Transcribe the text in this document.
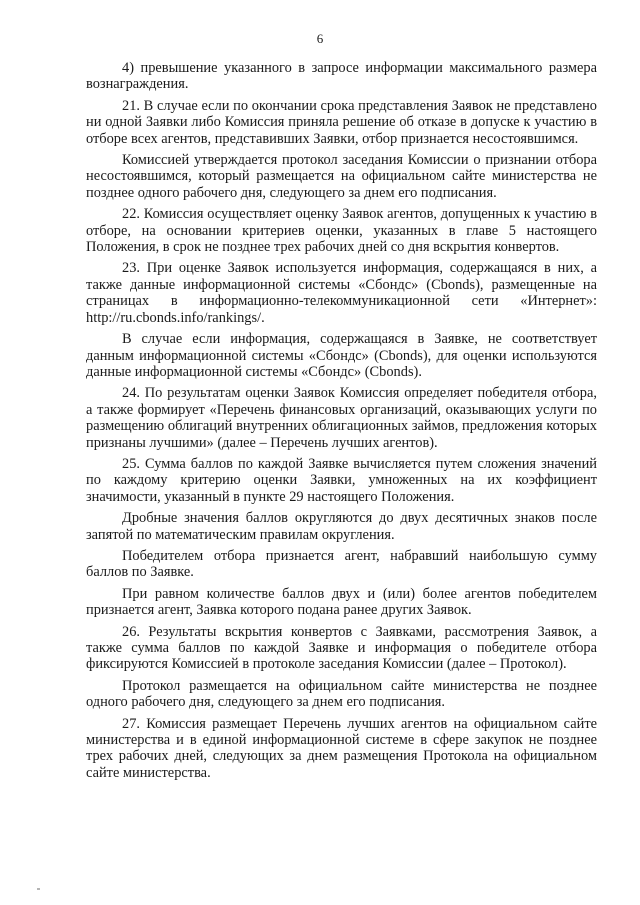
6

4) превышение указанного в запросе информации максимального размера вознаграждения.

21. В случае если по окончании срока представления Заявок не представлено ни одной Заявки либо Комиссия приняла решение об отказе в допуске к участию в отборе всех агентов, представивших Заявки, отбор признается несостоявшимся.

Комиссией утверждается протокол заседания Комиссии о признании отбора несостоявшимся, который размещается на официальном сайте министерства не позднее одного рабочего дня, следующего за днем его подписания.

22. Комиссия осуществляет оценку Заявок агентов, допущенных к участию в отборе, на основании критериев оценки, указанных в главе 5 настоящего Положения, в срок не позднее трех рабочих дней со дня вскрытия конвертов.

23. При оценке Заявок используется информация, содержащаяся в них, а также данные информационной системы «Сбондс» (Cbonds), размещенные на страницах в информационно-телекоммуникационной сети «Интернет»: http://ru.cbonds.info/rankings/.

В случае если информация, содержащаяся в Заявке, не соответствует данным информационной системы «Сбондс» (Cbonds), для оценки используются данные информационной системы «Сбондс» (Cbonds).

24. По результатам оценки Заявок Комиссия определяет победителя отбора, а также формирует «Перечень финансовых организаций, оказывающих услуги по размещению облигаций внутренних облигационных займов, предложения которых признаны лучшими» (далее – Перечень лучших агентов).

25. Сумма баллов по каждой Заявке вычисляется путем сложения значений по каждому критерию оценки Заявки, умноженных на их коэффициент значимости, указанный в пункте 29 настоящего Положения.

Дробные значения баллов округляются до двух десятичных знаков после запятой по математическим правилам округления.

Победителем отбора признается агент, набравший наибольшую сумму баллов по Заявке.

При равном количестве баллов двух и (или) более агентов победителем признается агент, Заявка которого подана ранее других Заявок.

26. Результаты вскрытия конвертов с Заявками, рассмотрения Заявок, а также сумма баллов по каждой Заявке и информация о победителе отбора фиксируются Комиссией в протоколе заседания Комиссии (далее – Протокол).

Протокол размещается на официальном сайте министерства не позднее одного рабочего дня, следующего за днем его подписания.

27. Комиссия размещает Перечень лучших агентов на официальном сайте министерства и в единой информационной системе в сфере закупок не позднее трех рабочих дней, следующих за днем размещения Протокола на официальном сайте министерства.
